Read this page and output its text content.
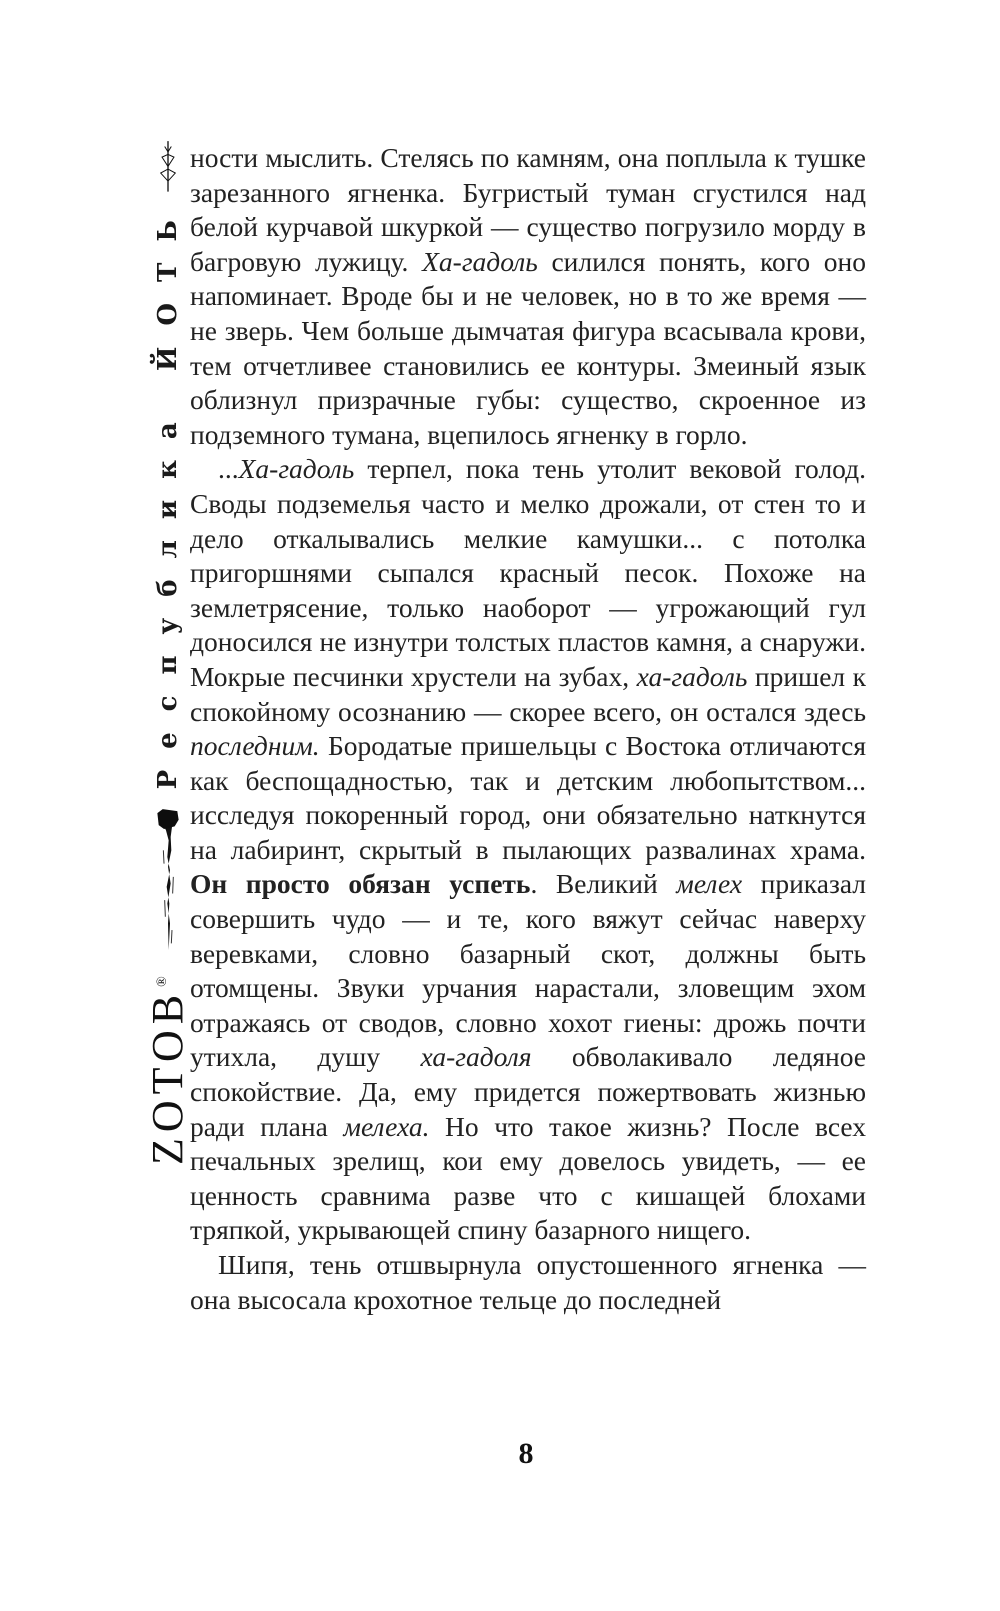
ZОТОВ®
Республика ЙОТЬ

ности мыслить. Стелясь по камням, она поплыла к тушке зарезанного ягненка. Бугристый туман сгустился над белой курчавой шкуркой — существо погрузило морду в багровую лужицу. Ха-гадоль силился понять, кого оно напоминает. Вроде бы и не человек, но в то же время — не зверь. Чем больше дымчатая фигура всасывала крови, тем отчетливее становились ее контуры. Змеиный язык облизнул призрачные губы: существо, скроенное из подземного тумана, вцепилось ягненку в горло.

...Ха-гадоль терпел, пока тень утолит вековой голод. Своды подземелья часто и мелко дрожали, от стен то и дело откалывались мелкие камушки... с потолка пригоршнями сыпался красный песок. Похоже на землетрясение, только наоборот — угрожающий гул доносился не изнутри толстых пластов камня, а снаружи. Мокрые песчинки хрустели на зубах, ха-гадоль пришел к спокойному осознанию — скорее всего, он остался здесь последним. Бородатые пришельцы с Востока отличаются как беспощадностью, так и детским любопытством... исследуя покоренный город, они обязательно наткнутся на лабиринт, скрытый в пылающих развалинах храма. Он просто обязан успеть. Великий мелех приказал совершить чудо — и те, кого вяжут сейчас наверху веревками, словно базарный скот, должны быть отомщены. Звуки урчания нарастали, зловещим эхом отражаясь от сводов, словно хохот гиены: дрожь почти утихла, душу ха-гадоля обволакивало ледяное спокойствие. Да, ему придется пожертвовать жизнью ради плана мелеха. Но что такое жизнь? После всех печальных зрелищ, кои ему довелось увидеть, — ее ценность сравнима разве что с кишащей блохами тряпкой, укрывающей спину базарного нищего.

Шипя, тень отшвырнула опустошенного ягненка — она высосала крохотное тельце до последней

8
